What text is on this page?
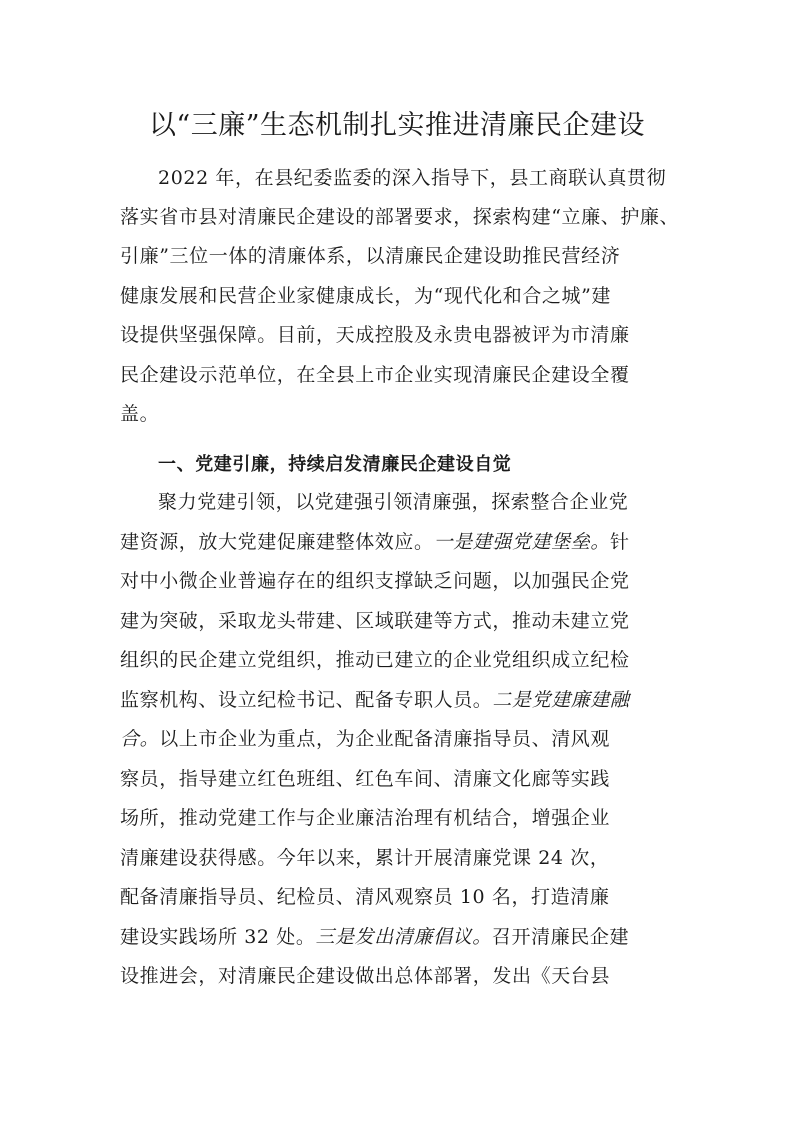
以“三廉”生态机制扎实推进清廉民企建设
2022 年，在县纪委监委的深入指导下，县工商联认真贯彻
落实省市县对清廉民企建设的部署要求，探索构建“立廉、护廉、
引廉”三位一体的清廉体系，以清廉民企建设助推民营经济
健康发展和民营企业家健康成长，为“现代化和合之城”建
设提供坚强保障。目前，天成控股及永贵电器被评为市清廉
民企建设示范单位，在全县上市企业实现清廉民企建设全覆
盖。
一、党建引廉，持续启发清廉民企建设自觉
聚力党建引领，以党建强引领清廉强，探索整合企业党
建资源，放大党建促廉建整体效应。一是建强党建堡垒。针
对中小微企业普遍存在的组织支撑缺乏问题，以加强民企党
建为突破，采取龙头带建、区域联建等方式，推动未建立党
组织的民企建立党组织，推动已建立的企业党组织成立纪检
监察机构、设立纪检书记、配备专职人员。二是党建廉建融
合。以上市企业为重点，为企业配备清廉指导员、清风观
察员，指导建立红色班组、红色车间、清廉文化廊等实践
场所，推动党建工作与企业廉洁治理有机结合，增强企业
清廉建设获得感。今年以来，累计开展清廉党课 24 次，
配备清廉指导员、纪检员、清风观察员 10 名，打造清廉
建设实践场所 32 处。三是发出清廉倡议。召开清廉民企建
设推进会，对清廉民企建设做出总体部署，发出《天台县
